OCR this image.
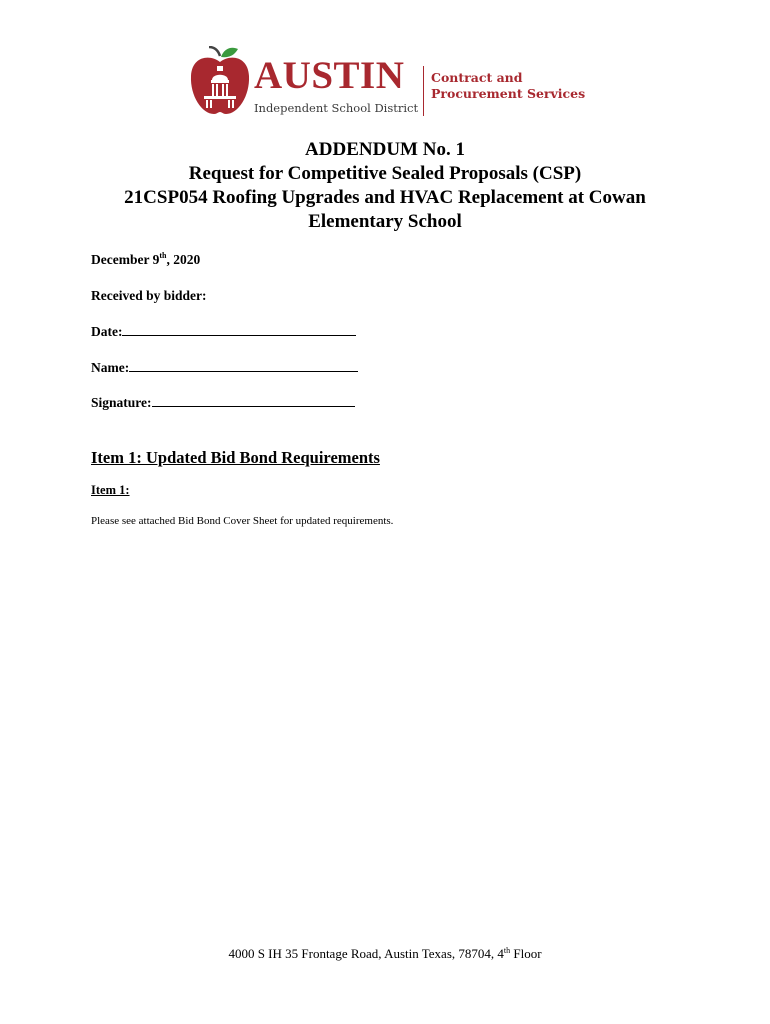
AUSTIN
Independent School District
Contract and
Procurement Services
ADDENDUM No. 1
Request for Competitive Sealed Proposals (CSP)
21CSP054 Roofing Upgrades and HVAC Replacement at Cowan
Elementary School
December 9th, 2020
Received by bidder:
Date:
Name:
Signature:
Item 1: Updated Bid Bond Requirements
Item 1:
Please see attached Bid Bond Cover Sheet for updated requirements.
4000 S IH 35 Frontage Road, Austin Texas, 78704, 4th Floor
